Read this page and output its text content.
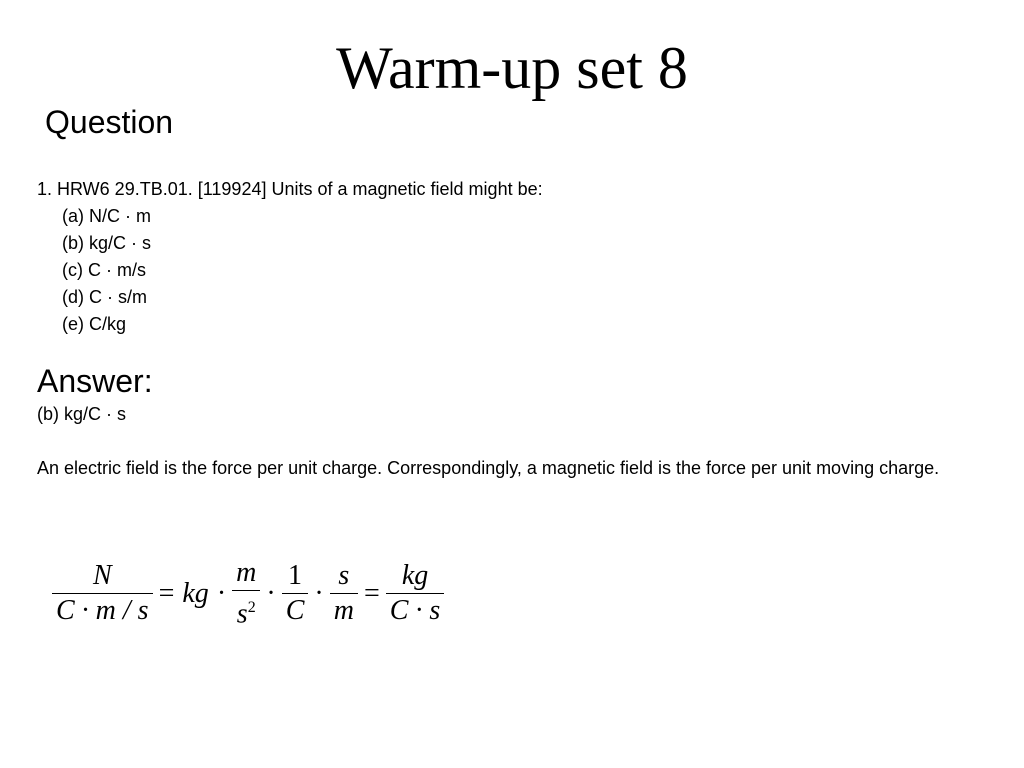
Warm-up set 8
Question
1. HRW6 29.TB.01. [119924] Units of a magnetic field might be:
(a) N/C · m
(b) kg/C · s
(c) C · m/s
(d) C · s/m
(e) C/kg
Answer:
(b) kg/C · s
An electric field is the force per unit charge. Correspondingly, a magnetic field is the force per unit moving charge.
$\frac{N}{C \cdot m / s}$ = kg · $\frac{m}{s^2} \cdot \frac{1}{C} \cdot \frac{s}{m} = \frac{kg}{C \cdot s}$
